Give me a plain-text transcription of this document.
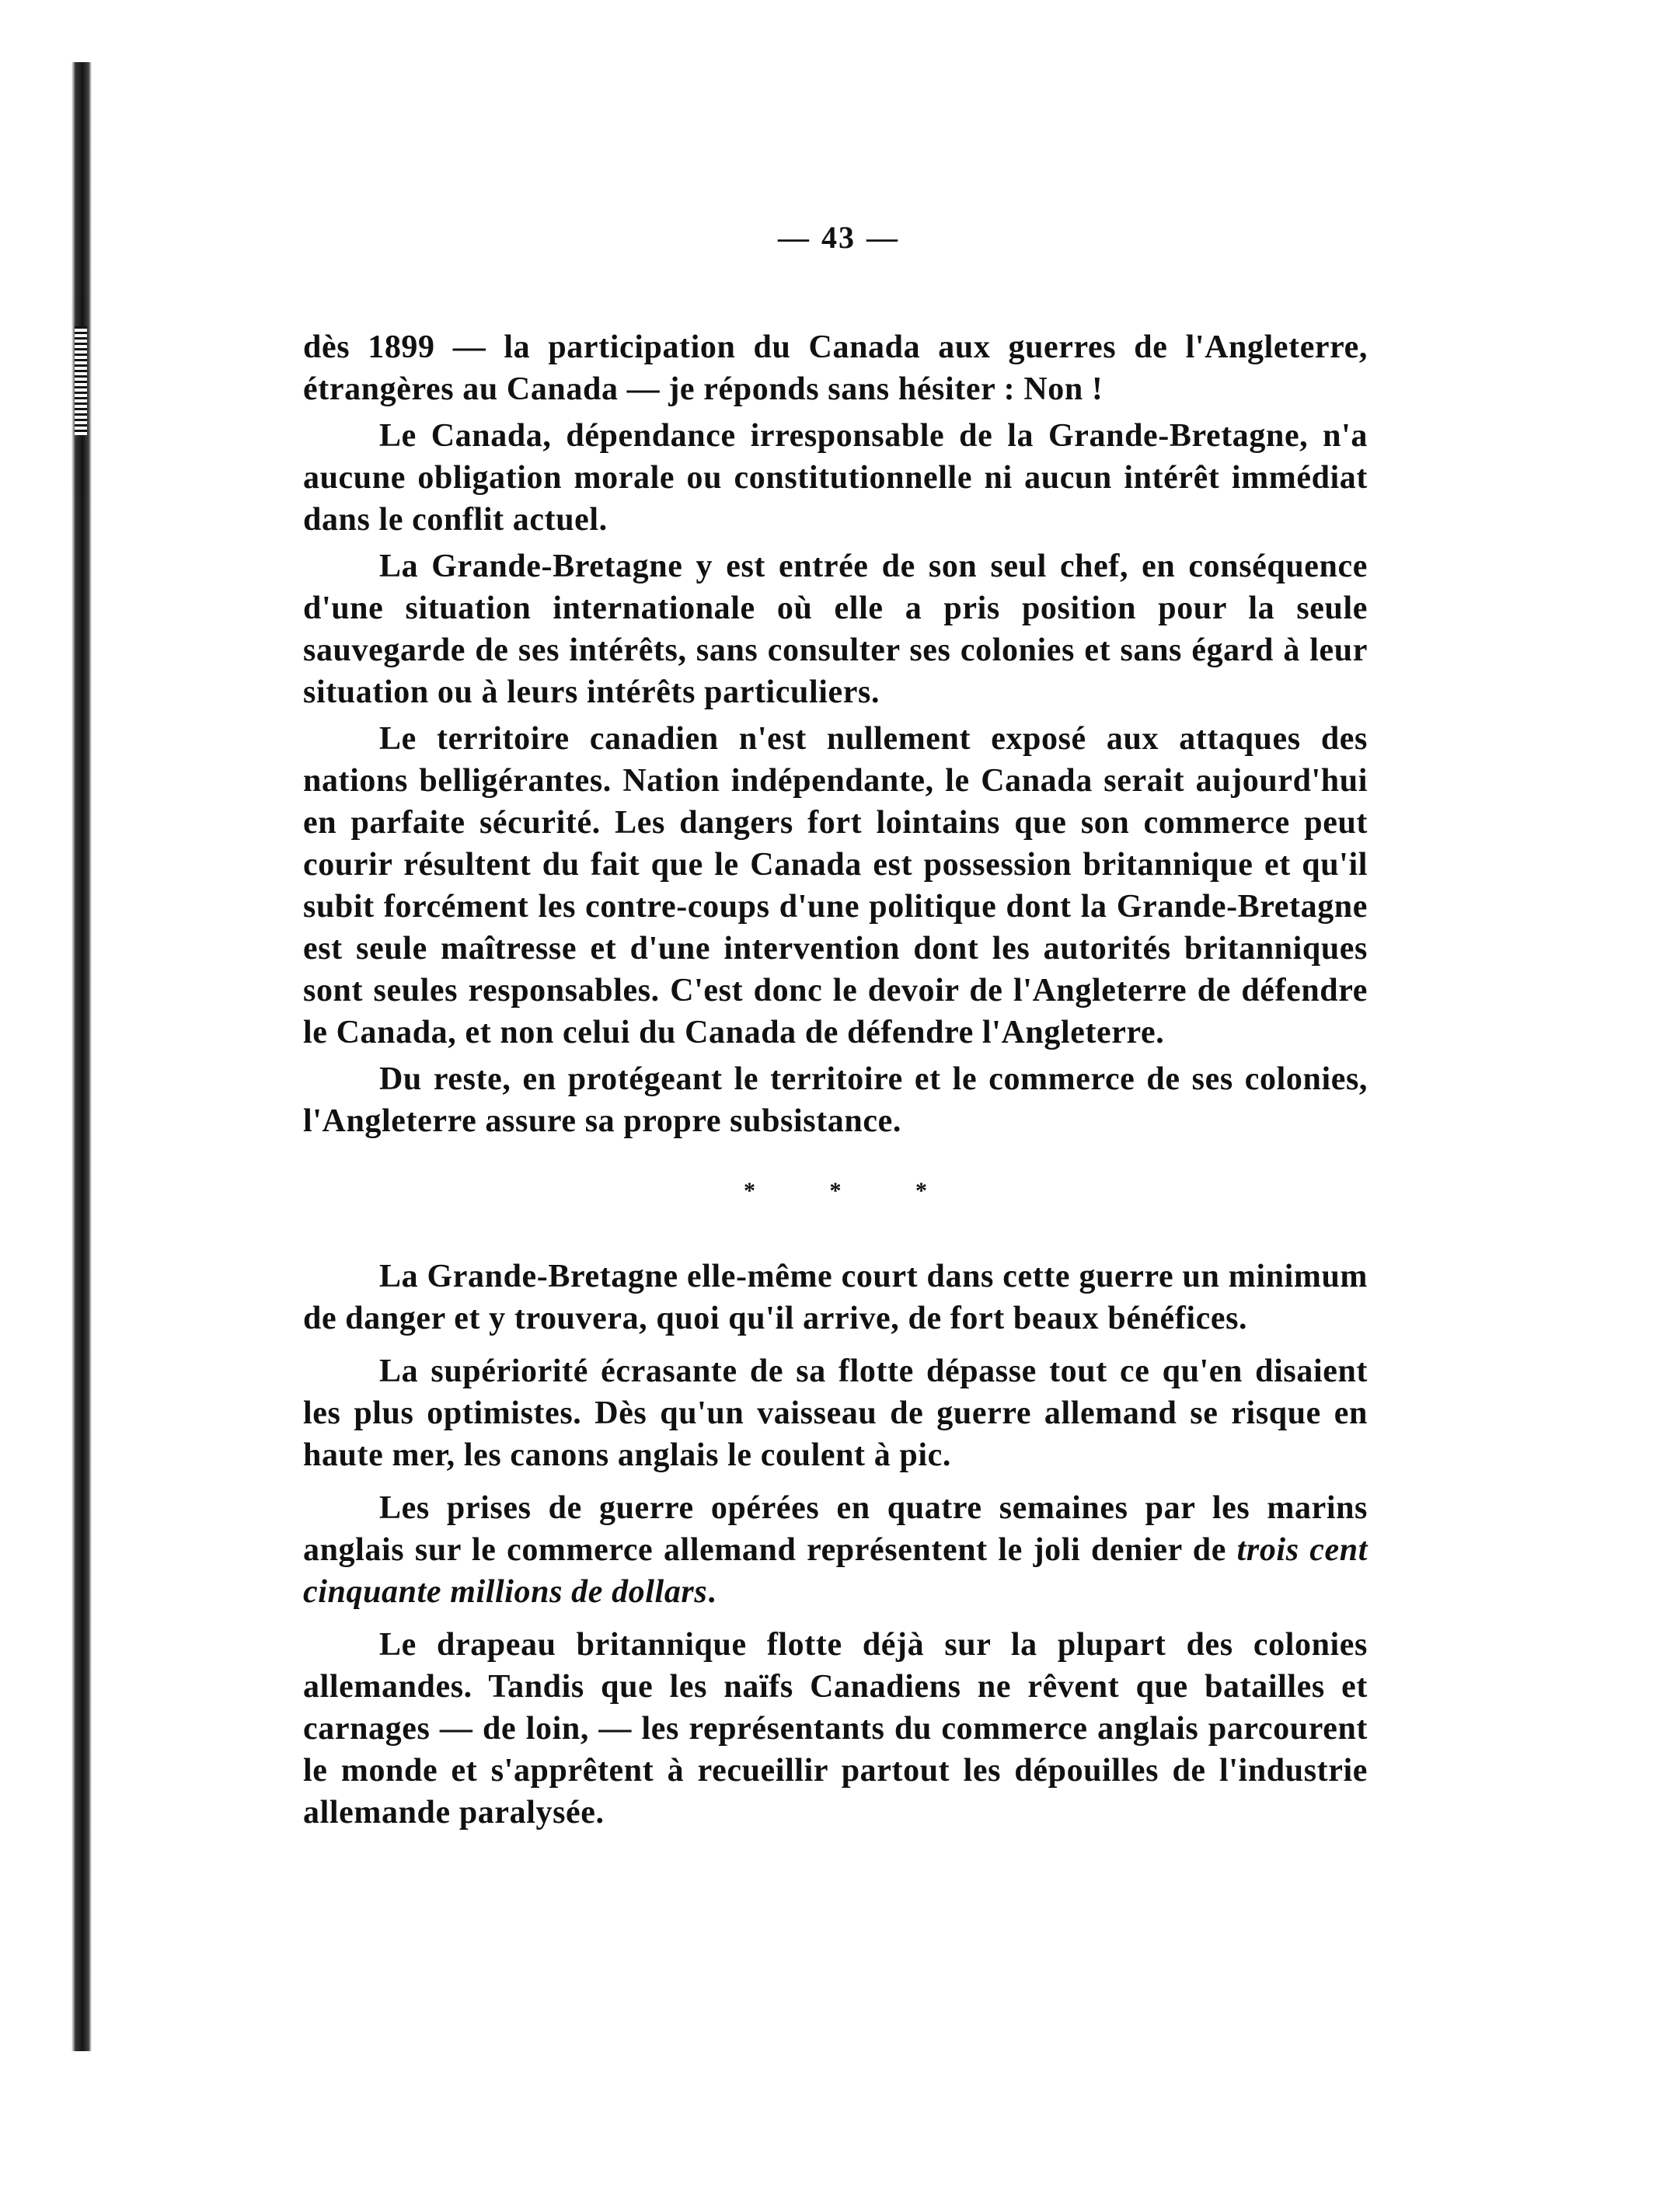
— 43 —

dès 1899 — la participation du Canada aux guerres de l'Angleterre, étrangères au Canada — je réponds sans hésiter : Non !

Le Canada, dépendance irresponsable de la Grande-Bretagne, n'a aucune obligation morale ou constitutionnelle ni aucun intérêt immédiat dans le conflit actuel.

La Grande-Bretagne y est entrée de son seul chef, en conséquence d'une situation internationale où elle a pris position pour la seule sauvegarde de ses intérêts, sans consulter ses colonies et sans égard à leur situation ou à leurs intérêts particuliers.

Le territoire canadien n'est nullement exposé aux attaques des nations belligérantes. Nation indépendante, le Canada serait aujourd'hui en parfaite sécurité. Les dangers fort lointains que son commerce peut courir résultent du fait que le Canada est possession britannique et qu'il subit forcément les contre-coups d'une politique dont la Grande-Bretagne est seule maîtresse et d'une intervention dont les autorités britanniques sont seules responsables. C'est donc le devoir de l'Angleterre de défendre le Canada, et non celui du Canada de défendre l'Angleterre.

Du reste, en protégeant le territoire et le commerce de ses colonies, l'Angleterre assure sa propre subsistance.

* * *

La Grande-Bretagne elle-même court dans cette guerre un minimum de danger et y trouvera, quoi qu'il arrive, de fort beaux bénéfices.

La supériorité écrasante de sa flotte dépasse tout ce qu'en disaient les plus optimistes. Dès qu'un vaisseau de guerre allemand se risque en haute mer, les canons anglais le coulent à pic.

Les prises de guerre opérées en quatre semaines par les marins anglais sur le commerce allemand représentent le joli denier de trois cent cinquante millions de dollars.

Le drapeau britannique flotte déjà sur la plupart des colonies allemandes. Tandis que les naïfs Canadiens ne rêvent que batailles et carnages — de loin, — les représentants du commerce anglais parcourent le monde et s'apprêtent à recueillir partout les dépouilles de l'industrie allemande paralysée.
